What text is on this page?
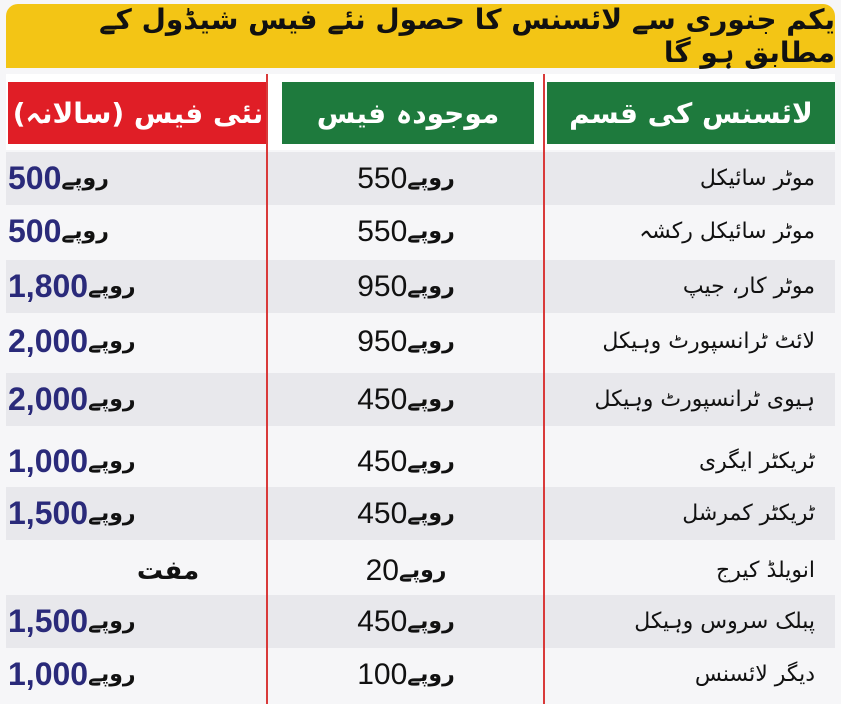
یکم جنوری سے لائسنس کا حصول نئے فیس شیڈول کے مطابق ہو گا
لائسنس کی قسم
موجودہ فیس
نئی فیس (سالانہ)
موٹر سائیکل
روپے
550
روپے
500
موٹر سائیکل رکشہ
روپے
550
روپے
500
موٹر کار، جیپ
روپے
950
روپے
1,800
لائٹ ٹرانسپورٹ وہیکل
روپے
950
روپے
2,000
ہیوی ٹرانسپورٹ وہیکل
روپے
450
روپے
2,000
ٹریکٹر ایگری
روپے
450
روپے
1,000
ٹریکٹر کمرشل
روپے
450
روپے
1,500
انویلڈ کیرج
روپے
20
مفت
پبلک سروس وہیکل
روپے
450
روپے
1,500
دیگر لائسنس
روپے
100
روپے
1,000
